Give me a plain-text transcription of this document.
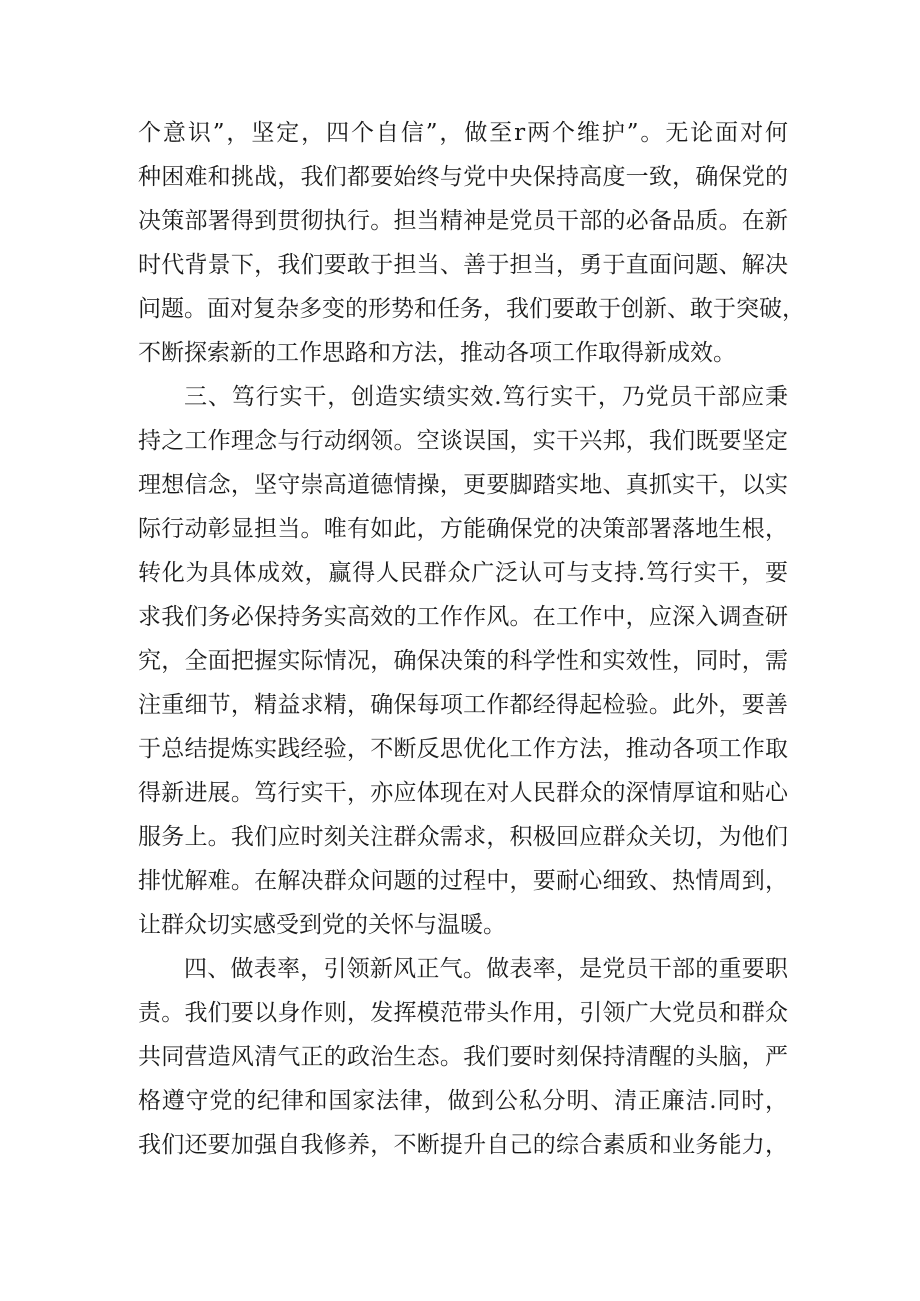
个意识”，坚定，四个自信”，做至r两个维护”。无论面对何
种困难和挑战，我们都要始终与党中央保持高度一致，确保党的
决策部署得到贯彻执行。担当精神是党员干部的必备品质。在新
时代背景下，我们要敢于担当、善于担当，勇于直面问题、解决
问题。面对复杂多变的形势和任务，我们要敢于创新、敢于突破，
不断探索新的工作思路和方法，推动各项工作取得新成效。
三、笃行实干，创造实绩实效.笃行实干，乃党员干部应秉
持之工作理念与行动纲领。空谈误国，实干兴邦，我们既要坚定
理想信念，坚守崇高道德情操，更要脚踏实地、真抓实干，以实
际行动彰显担当。唯有如此，方能确保党的决策部署落地生根，
转化为具体成效，赢得人民群众广泛认可与支持.笃行实干，要
求我们务必保持务实高效的工作作风。在工作中，应深入调查研
究，全面把握实际情况，确保决策的科学性和实效性，同时，需
注重细节，精益求精，确保每项工作都经得起检验。此外，要善
于总结提炼实践经验，不断反思优化工作方法，推动各项工作取
得新进展。笃行实干，亦应体现在对人民群众的深情厚谊和贴心
服务上。我们应时刻关注群众需求，积极回应群众关切，为他们
排忧解难。在解决群众问题的过程中，要耐心细致、热情周到，
让群众切实感受到党的关怀与温暖。
四、做表率，引领新风正气。做表率，是党员干部的重要职
责。我们要以身作则，发挥模范带头作用，引领广大党员和群众
共同营造风清气正的政治生态。我们要时刻保持清醒的头脑，严
格遵守党的纪律和国家法律，做到公私分明、清正廉洁.同时，
我们还要加强自我修养，不断提升自己的综合素质和业务能力，
